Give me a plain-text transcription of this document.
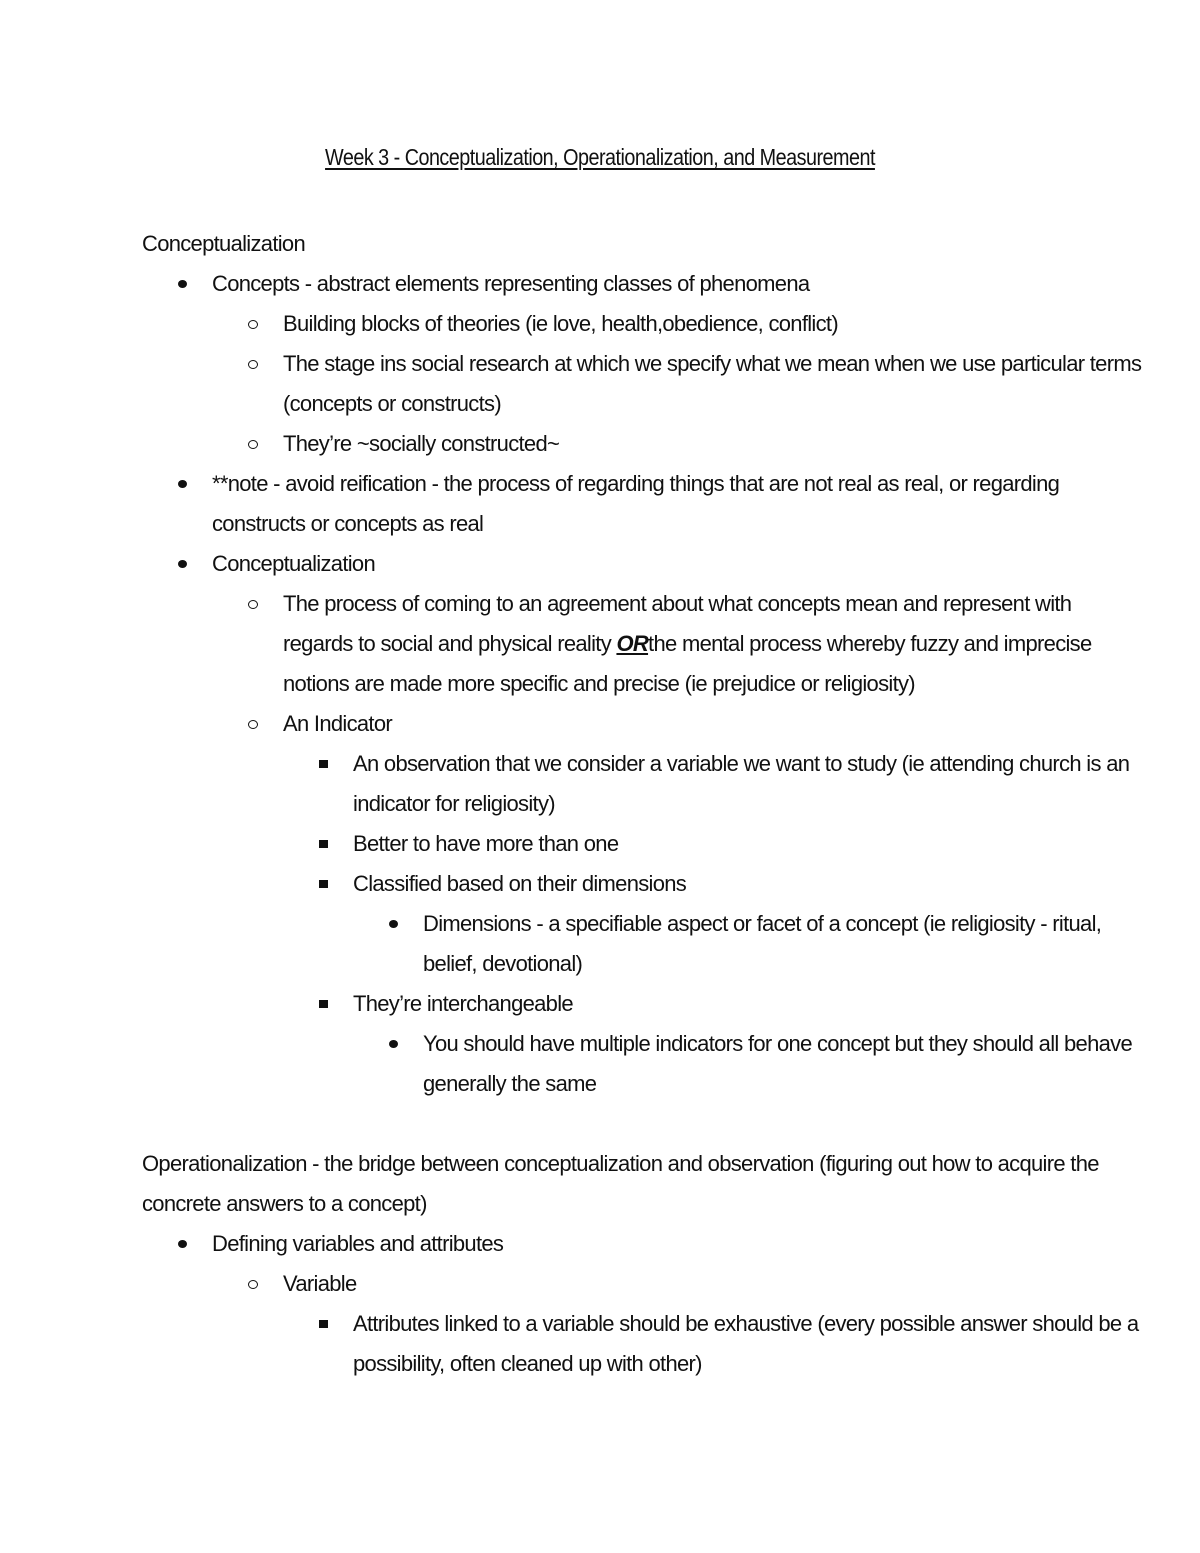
Week 3 - Conceptualization, Operationalization, and Measurement

Conceptualization

Concepts - abstract elements representing classes of phenomena
Building blocks of theories (ie love, health,obedience, conflict)
The stage ins social research at which we specify what we mean when we use particular terms (concepts or constructs)
They’re ~socially constructed~
**note - avoid reification - the process of regarding things that are not real as real, or regarding constructs or concepts as real
Conceptualization
The process of coming to an agreement about what concepts mean and represent with regards to social and physical reality ORthe mental process whereby fuzzy and imprecise notions are made more specific and precise (ie prejudice or religiosity)
An Indicator
An observation that we consider a variable we want to study (ie attending church is an indicator for religiosity)
Better to have more than one
Classified based on their dimensions
Dimensions - a specifiable aspect or facet of a concept (ie religiosity - ritual, belief, devotional)
They’re interchangeable
You should have multiple indicators for one concept but they should all behave generally the same

Operationalization - the bridge between conceptualization and observation (figuring out how to acquire the concrete answers to a concept)

Defining variables and attributes
Variable
Attributes linked to a variable should be exhaustive (every possible answer should be a possibility, often cleaned up with other)
